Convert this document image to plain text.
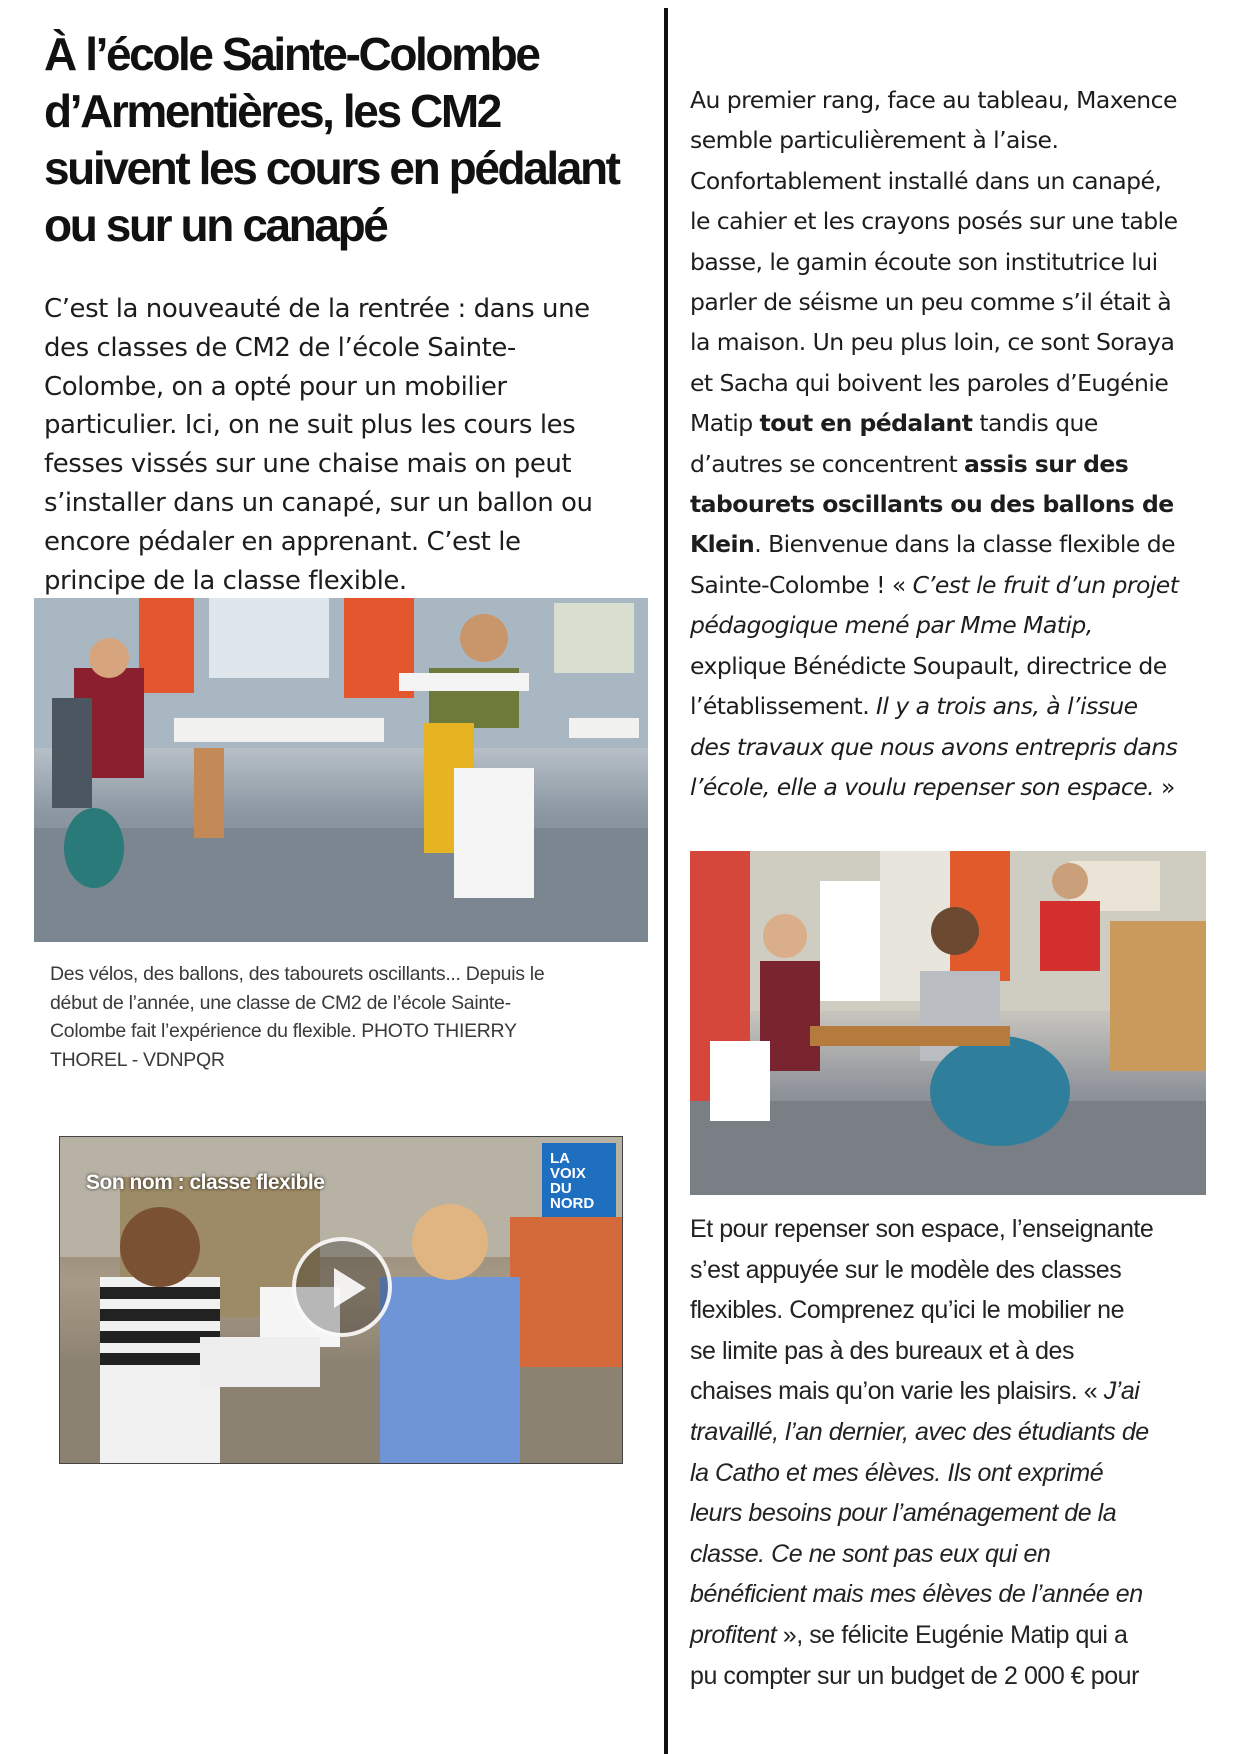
À l’école Sainte-Colombe
d’Armentières, les CM2
suivent les cours en pédalant
ou sur un canapé

C’est la nouveauté de la rentrée : dans une
des classes de CM2 de l’école Sainte-
Colombe, on a opté pour un mobilier
particulier. Ici, on ne suit plus les cours les
fesses vissés sur une chaise mais on peut
s’installer dans un canapé, sur un ballon ou
encore pédaler en apprenant. C’est le
principe de la classe flexible.

Des vélos, des ballons, des tabourets oscillants... Depuis le
début de l’année, une classe de CM2 de l’école Sainte-
Colombe fait l’expérience du flexible. PHOTO THIERRY
THOREL - VDNPQR
Son nom : classe flexible
LA
VOIX
DU
NORD

Au premier rang, face au tableau, Maxence
semble particulièrement à l’aise.
Confortablement installé dans un canapé,
le cahier et les crayons posés sur une table
basse, le gamin écoute son institutrice lui
parler de séisme un peu comme s’il était à
la maison. Un peu plus loin, ce sont Soraya
et Sacha qui boivent les paroles d’Eugénie
Matip tout en pédalant tandis que
d’autres se concentrent assis sur des
tabourets oscillants ou des ballons de
Klein. Bienvenue dans la classe flexible de
Sainte-Colombe ! « C’est le fruit d’un projet
pédagogique mené par Mme Matip,
explique Bénédicte Soupault, directrice de
l’établissement. Il y a trois ans, à l’issue
des travaux que nous avons entrepris dans
l’école, elle a voulu repenser son espace. »

Et pour repenser son espace, l’enseignante
s’est appuyée sur le modèle des classes
flexibles. Comprenez qu’ici le mobilier ne
se limite pas à des bureaux et à des
chaises mais qu’on varie les plaisirs. « J’ai
travaillé, l’an dernier, avec des étudiants de
la Catho et mes élèves. Ils ont exprimé
leurs besoins pour l’aménagement de la
classe. Ce ne sont pas eux qui en
bénéficient mais mes élèves de l’année en
profitent », se félicite Eugénie Matip qui a
pu compter sur un budget de 2 000 € pour
